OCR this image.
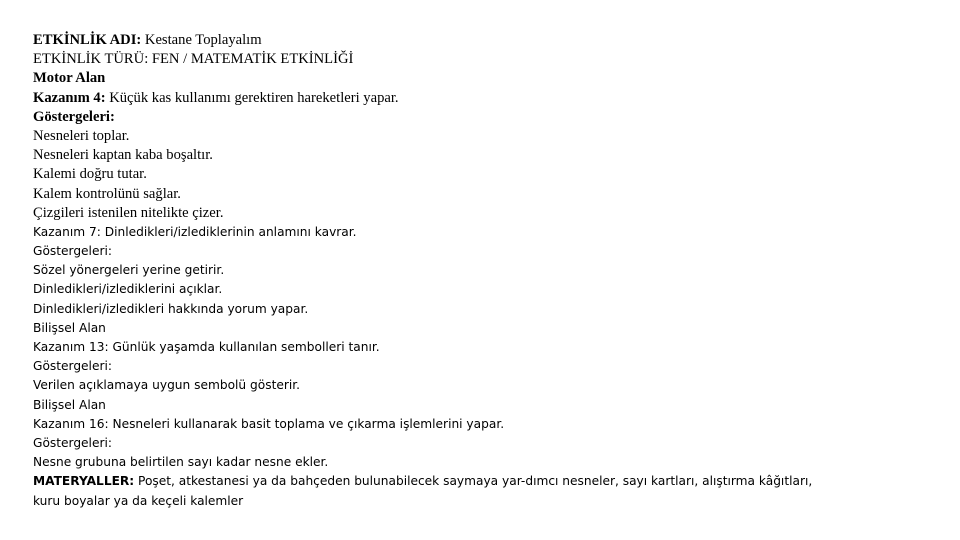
ETKİNLİK ADI: Kestane Toplayalım
ETKİNLİK TÜRÜ: FEN / MATEMATİK ETKİNLİĞİ
Motor Alan
Kazanım 4: Küçük kas kullanımı gerektiren hareketleri yapar.
Göstergeleri:
Nesneleri toplar.
Nesneleri kaptan kaba boşaltır.
Kalemi doğru tutar.
Kalem kontrolünü sağlar.
Çizgileri istenilen nitelikte çizer.
Kazanım 7: Dinledikleri/izlediklerinin anlamını kavrar.
Göstergeleri:
Sözel yönergeleri yerine getirir.
Dinledikleri/izlediklerini açıklar.
Dinledikleri/izledikleri hakkında yorum yapar.
Bilişsel Alan
Kazanım 13: Günlük yaşamda kullanılan sembolleri tanır.
Göstergeleri:
Verilen açıklamaya uygun sembolü gösterir.
Bilişsel Alan
Kazanım 16: Nesneleri kullanarak basit toplama ve çıkarma işlemlerini yapar.
Göstergeleri:
Nesne grubuna belirtilen sayı kadar nesne ekler.
MATERYALLER: Poşet, atkestanesi ya da bahçeden bulunabilecek saymaya yar-dımcı nesneler, sayı kartları, alıştırma kâğıtları,
kuru boyalar ya da keçeli kalemler
